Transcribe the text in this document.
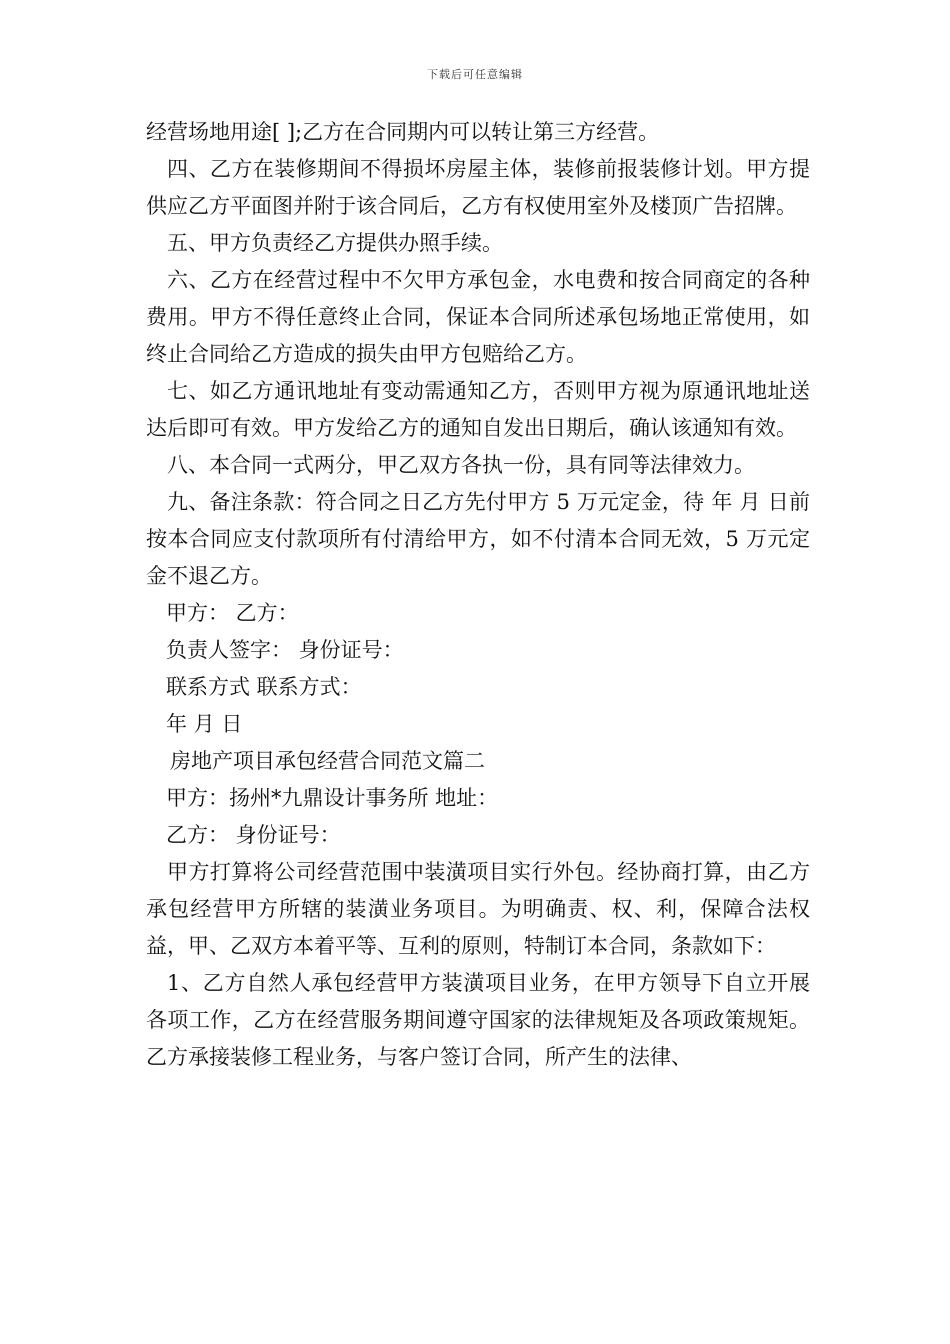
下载后可任意编辑

经营场地用途[ ];乙方在合同期内可以转让第三方经营。

四、乙方在装修期间不得损坏房屋主体，装修前报装修计划。甲方提供应乙方平面图并附于该合同后，乙方有权使用室外及楼顶广告招牌。

五、甲方负责经乙方提供办照手续。

六、乙方在经营过程中不欠甲方承包金，水电费和按合同商定的各种费用。甲方不得任意终止合同，保证本合同所述承包场地正常使用，如终止合同给乙方造成的损失由甲方包赔给乙方。

七、如乙方通讯地址有变动需通知乙方，否则甲方视为原通讯地址送达后即可有效。甲方发给乙方的通知自发出日期后，确认该通知有效。

八、本合同一式两分，甲乙双方各执一份，具有同等法律效力。

九、备注条款：符合同之日乙方先付甲方 5 万元定金，待 年 月 日前按本合同应支付款项所有付清给甲方，如不付清本合同无效，5 万元定金不退乙方。

甲方： 乙方：

负责人签字： 身份证号：

联系方式 联系方式：

年 月 日

房地产项目承包经营合同范文篇二

甲方：扬州*九鼎设计事务所 地址：

乙方： 身份证号：

甲方打算将公司经营范围中装潢项目实行外包。经协商打算，由乙方承包经营甲方所辖的装潢业务项目。为明确责、权、利，保障合法权益，甲、乙双方本着平等、互利的原则，特制订本合同，条款如下：

1、乙方自然人承包经营甲方装潢项目业务，在甲方领导下自立开展各项工作，乙方在经营服务期间遵守国家的法律规矩及各项政策规矩。乙方承接装修工程业务，与客户签订合同，所产生的法律、
